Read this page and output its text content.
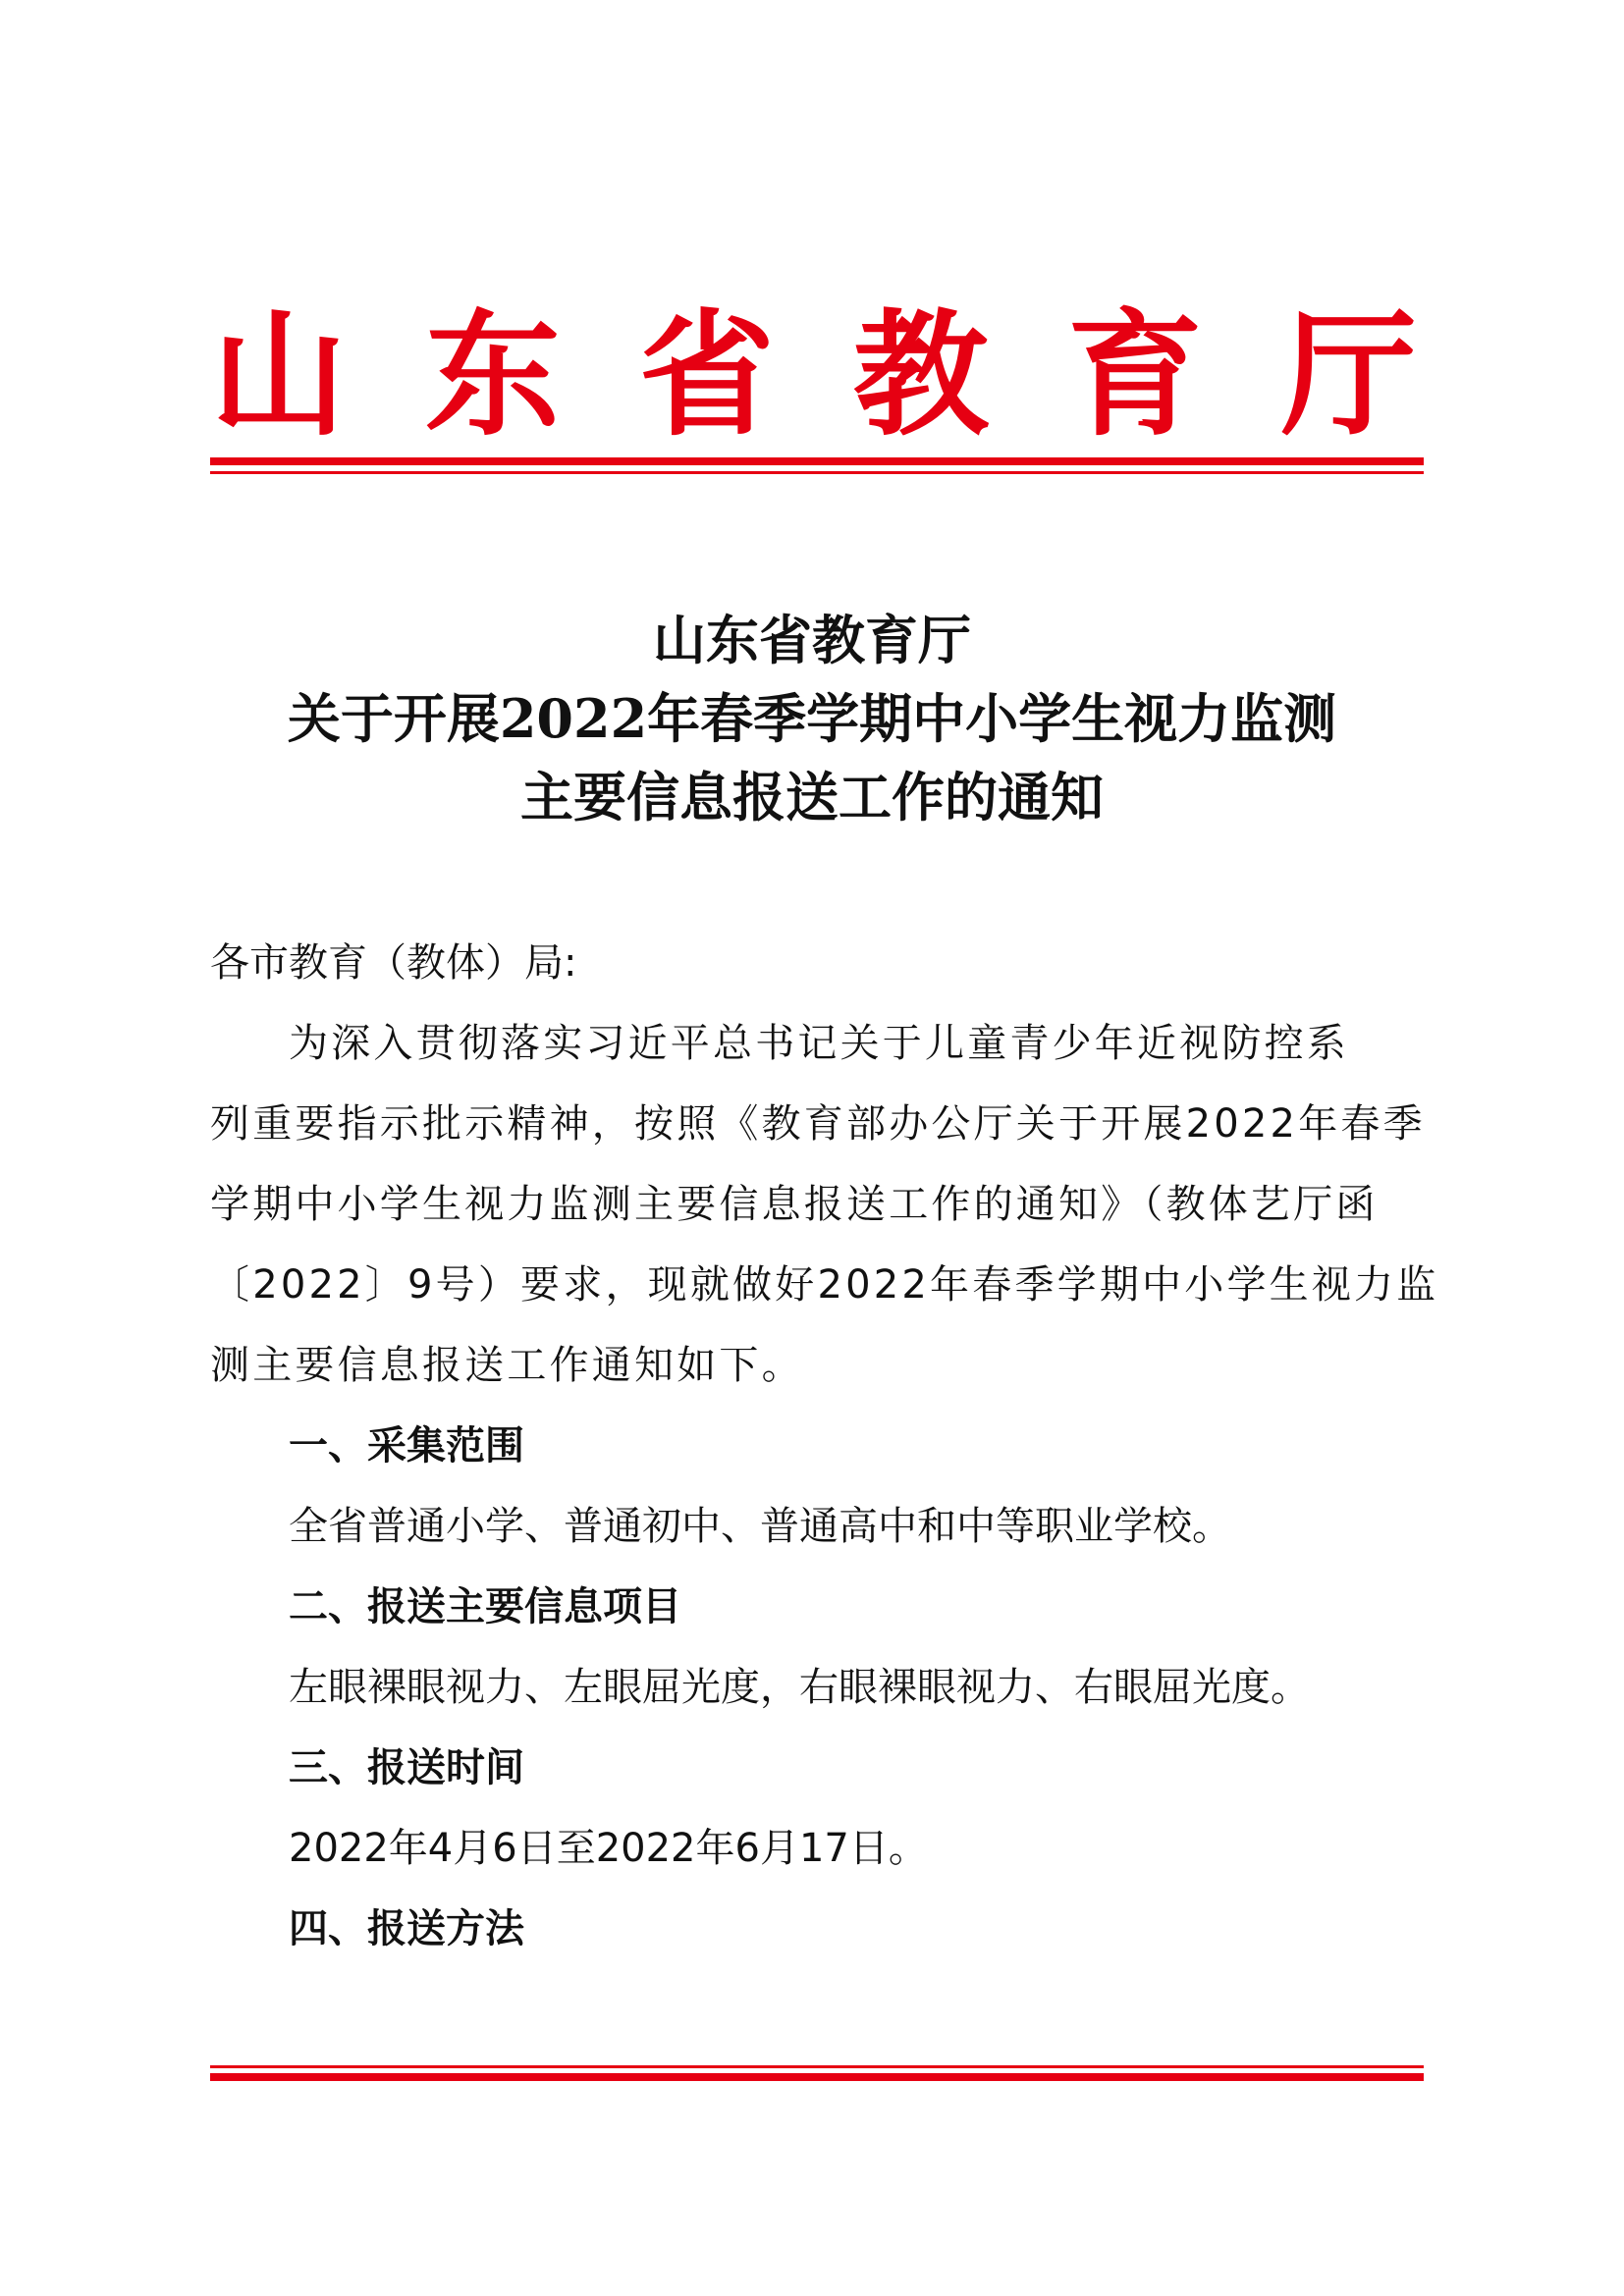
山 东 省 教 育 厅
山东省教育厅
关于开展2022年春季学期中小学生视力监测
主要信息报送工作的通知

各市教育（教体）局:

为深入贯彻落实习近平总书记关于儿童青少年近视防控系

列重要指示批示精神，按照《教育部办公厅关于开展2022年春季

学期中小学生视力监测主要信息报送工作的通知》（教体艺厅函

〔2022〕9号）要求，现就做好2022年春季学期中小学生视力监

测主要信息报送工作通知如下。

一、采集范围

全省普通小学、普通初中、普通高中和中等职业学校。

二、报送主要信息项目

左眼裸眼视力、左眼屈光度，右眼裸眼视力、右眼屈光度。

三、报送时间

2022年4月6日至2022年6月17日。

四、报送方法
